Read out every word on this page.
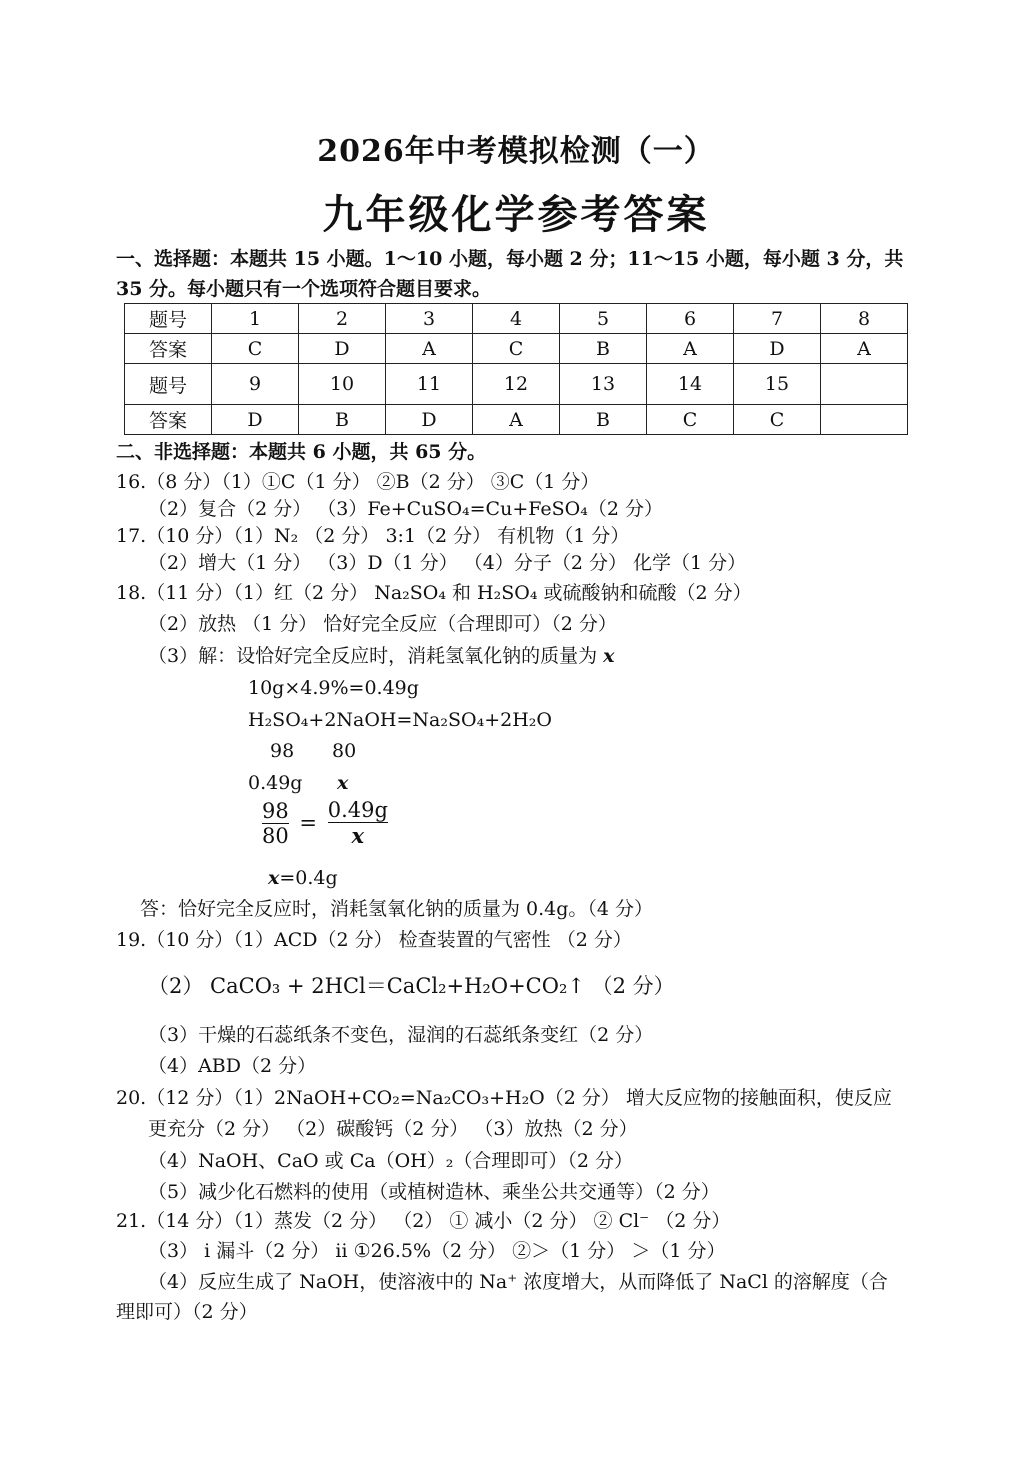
2026年中考模拟检测（一）
九年级化学参考答案
一、选择题：本题共 15 小题。1～10 小题，每小题 2 分；11～15 小题，每小题 3 分，共
35 分。每小题只有一个选项符合题目要求。
题号	1	2	3	4	5	6	7	8
答案	C	D	A	C	B	A	D	A
题号	9	10	11	12	13	14	15	
答案	D	B	D	A	B	C	C	
二、非选择题：本题共 6 小题，共 65 分。
16.（8 分）（1）①C（1 分） ②B（2 分） ③C（1 分）
（2）复合（2 分） （3）Fe+CuSO₄=Cu+FeSO₄（2 分）
17.（10 分）（1）N₂ （2 分） 3:1（2 分） 有机物（1 分）
（2）增大（1 分） （3）D（1 分） （4）分子（2 分） 化学（1 分）
18.（11 分）（1）红（2 分） Na₂SO₄ 和 H₂SO₄ 或硫酸钠和硫酸（2 分）
（2）放热 （1 分） 恰好完全反应（合理即可）（2 分）
（3）解：设恰好完全反应时，消耗氢氧化钠的质量为 x
10g×4.9%=0.49g
H₂SO₄+2NaOH=Na₂SO₄+2H₂O
98 80
0.49g x
$\frac{98}{80} = \frac{0.49g}{x}$
x=0.4g
答：恰好完全反应时，消耗氢氧化钠的质量为 0.4g。（4 分）
19.（10 分）（1）ACD（2 分） 检查装置的气密性 （2 分）
（2） CaCO₃ + 2HCl＝CaCl₂+H₂O+CO₂↑ （2 分）
（3）干燥的石蕊纸条不变色，湿润的石蕊纸条变红（2 分）
（4）ABD（2 分）
20.（12 分）（1）2NaOH+CO₂=Na₂CO₃+H₂O（2 分） 增大反应物的接触面积，使反应
更充分（2 分） （2）碳酸钙（2 分） （3）放热（2 分）
（4）NaOH、CaO 或 Ca（OH）₂（合理即可）（2 分）
（5）减少化石燃料的使用（或植树造林、乘坐公共交通等）（2 分）
21.（14 分）（1）蒸发（2 分） （2） ① 减小（2 分） ② Cl⁻ （2 分）
（3） ⅰ 漏斗（2 分） ⅱ ①26.5%（2 分） ②＞（1 分） ＞（1 分）
（4）反应生成了 NaOH，使溶液中的 Na⁺ 浓度增大，从而降低了 NaCl 的溶解度（合
理即可）（2 分）
